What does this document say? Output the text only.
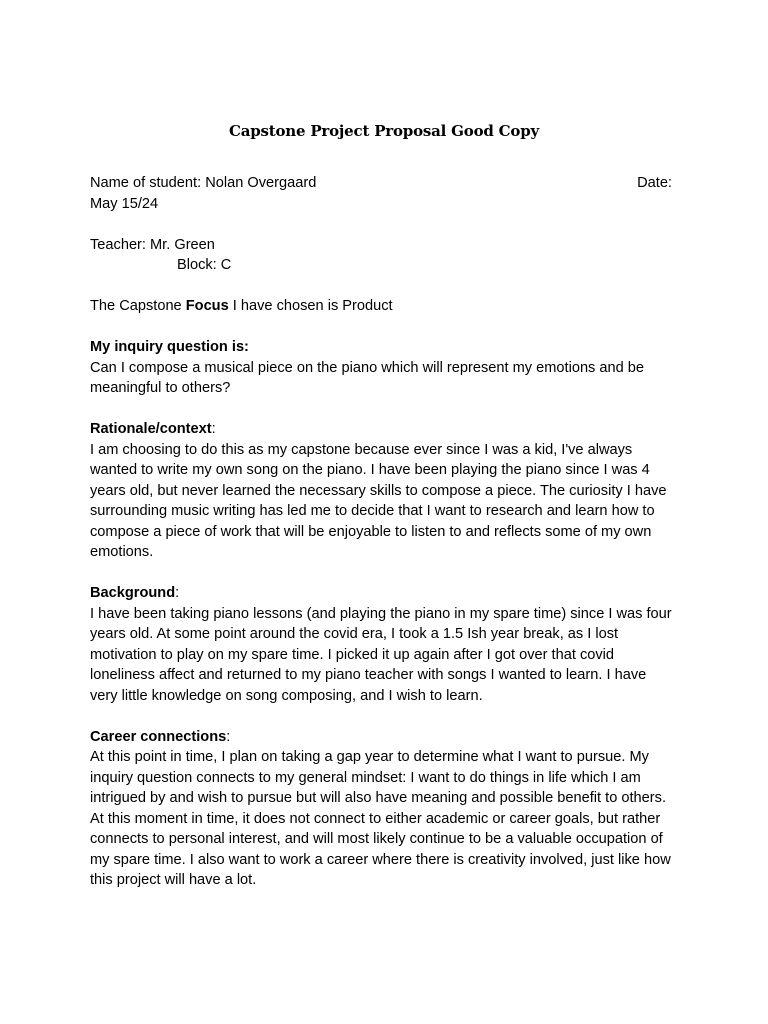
Capstone Project Proposal Good Copy
Name of student: Nolan Overgaard	Date:

May 15/24

Teacher: Mr. Green

Block: C

The Capstone Focus I have chosen is Product

My inquiry question is:

Can I compose a musical piece on the piano which will represent my emotions and be meaningful to others?

Rationale/context:

I am choosing to do this as my capstone because ever since I was a kid, I've always wanted to write my own song on the piano. I have been playing the piano since I was 4 years old, but never learned the necessary skills to compose a piece. The curiosity I have surrounding music writing has led me to decide that I want to research and learn how to compose a piece of work that will be enjoyable to listen to and reflects some of my own emotions.

Background:

I have been taking piano lessons (and playing the piano in my spare time) since I was four years old. At some point around the covid era, I took a 1.5 Ish year break, as I lost motivation to play on my spare time. I picked it up again after I got over that covid loneliness affect and returned to my piano teacher with songs I wanted to learn. I have very little knowledge on song composing, and I wish to learn.

Career connections:

At this point in time, I plan on taking a gap year to determine what I want to pursue. My inquiry question connects to my general mindset: I want to do things in life which I am intrigued by and wish to pursue but will also have meaning and possible benefit to others. At this moment in time, it does not connect to either academic or career goals, but rather connects to personal interest, and will most likely continue to be a valuable occupation of my spare time. I also want to work a career where there is creativity involved, just like how this project will have a lot.
